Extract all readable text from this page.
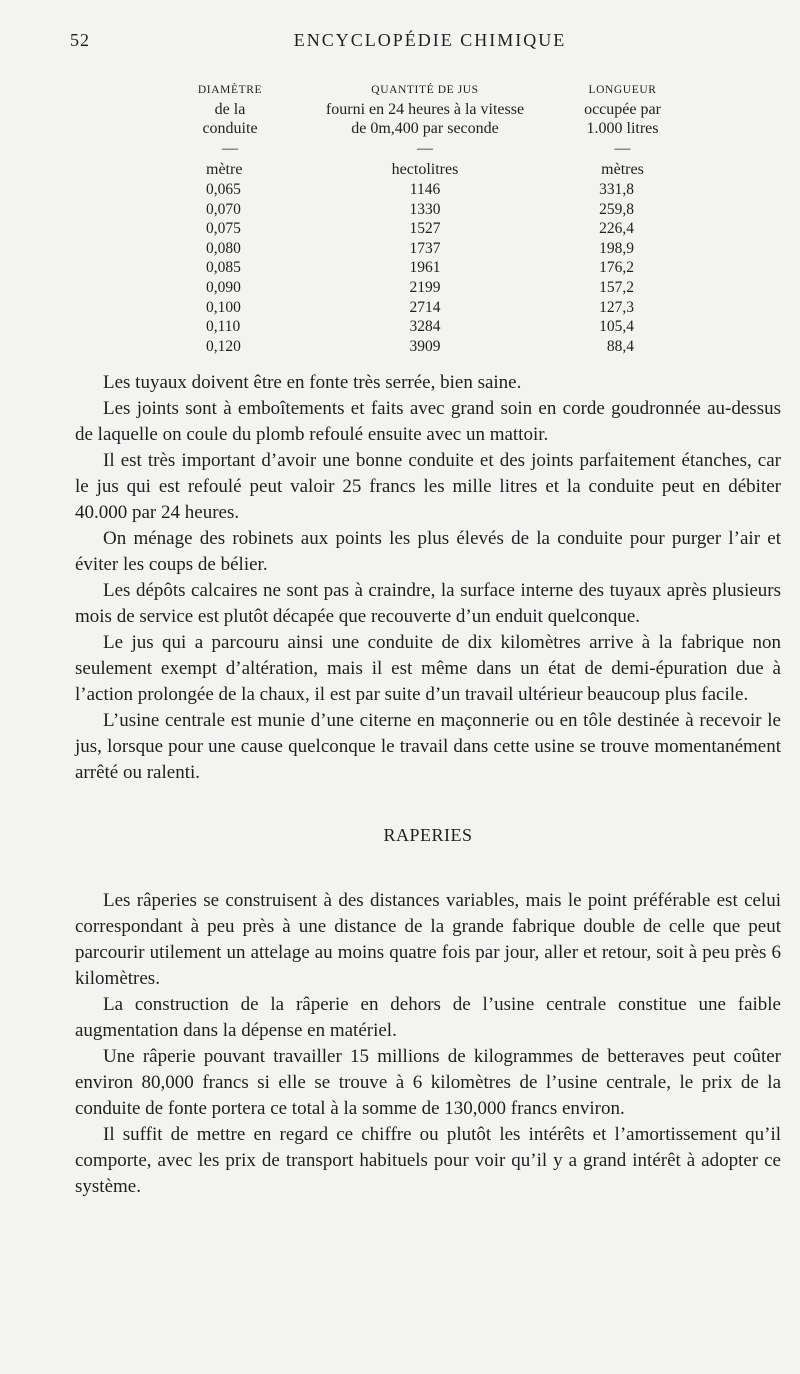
52	ENCYCLOPÉDIE CHIMIQUE
DIAMÈTRE
de la
conduite
—
mètre
0,065
0,070
0,075
0,080
0,085
0,090
0,100
0,110
0,120
QUANTITÉ DE JUS
fourni en 24 heures à la vitesse
de 0m,400 par seconde
—
hectolitres
1146
1330
1527
1737
1961
2199
2714
3284
3909
LONGUEUR
occupée par
1.000 litres
—
mètres
331,8
259,8
226,4
198,9
176,2
157,2
127,3
105,4
88,4

Les tuyaux doivent être en fonte très serrée, bien saine.

Les joints sont à emboîtements et faits avec grand soin en corde goudronnée au-dessus de laquelle on coule du plomb refoulé ensuite avec un mattoir.

Il est très important d’avoir une bonne conduite et des joints parfaitement étanches, car le jus qui est refoulé peut valoir 25 francs les mille litres et la conduite peut en débiter 40.000 par 24 heures.

On ménage des robinets aux points les plus élevés de la conduite pour purger l’air et éviter les coups de bélier.

Les dépôts calcaires ne sont pas à craindre, la surface interne des tuyaux après plusieurs mois de service est plutôt décapée que recouverte d’un enduit quelconque.

Le jus qui a parcouru ainsi une conduite de dix kilomètres arrive à la fabrique non seulement exempt d’altération, mais il est même dans un état de demi-épuration due à l’action prolongée de la chaux, il est par suite d’un travail ultérieur beaucoup plus facile.

L’usine centrale est munie d’une citerne en maçonnerie ou en tôle destinée à recevoir le jus, lorsque pour une cause quelconque le travail dans cette usine se trouve momentanément arrêté ou ralenti.

RAPERIES

Les râperies se construisent à des distances variables, mais le point préférable est celui correspondant à peu près à une distance de la grande fabrique double de celle que peut parcourir utilement un attelage au moins quatre fois par jour, aller et retour, soit à peu près 6 kilomètres.

La construction de la râperie en dehors de l’usine centrale constitue une faible augmentation dans la dépense en matériel.

Une râperie pouvant travailler 15 millions de kilogrammes de betteraves peut coûter environ 80,000 francs si elle se trouve à 6 kilomètres de l’usine centrale, le prix de la conduite de fonte portera ce total à la somme de 130,000 francs environ.

Il suffit de mettre en regard ce chiffre ou plutôt les intérêts et l’amortissement qu’il comporte, avec les prix de transport habituels pour voir qu’il y a grand intérêt à adopter ce système.
